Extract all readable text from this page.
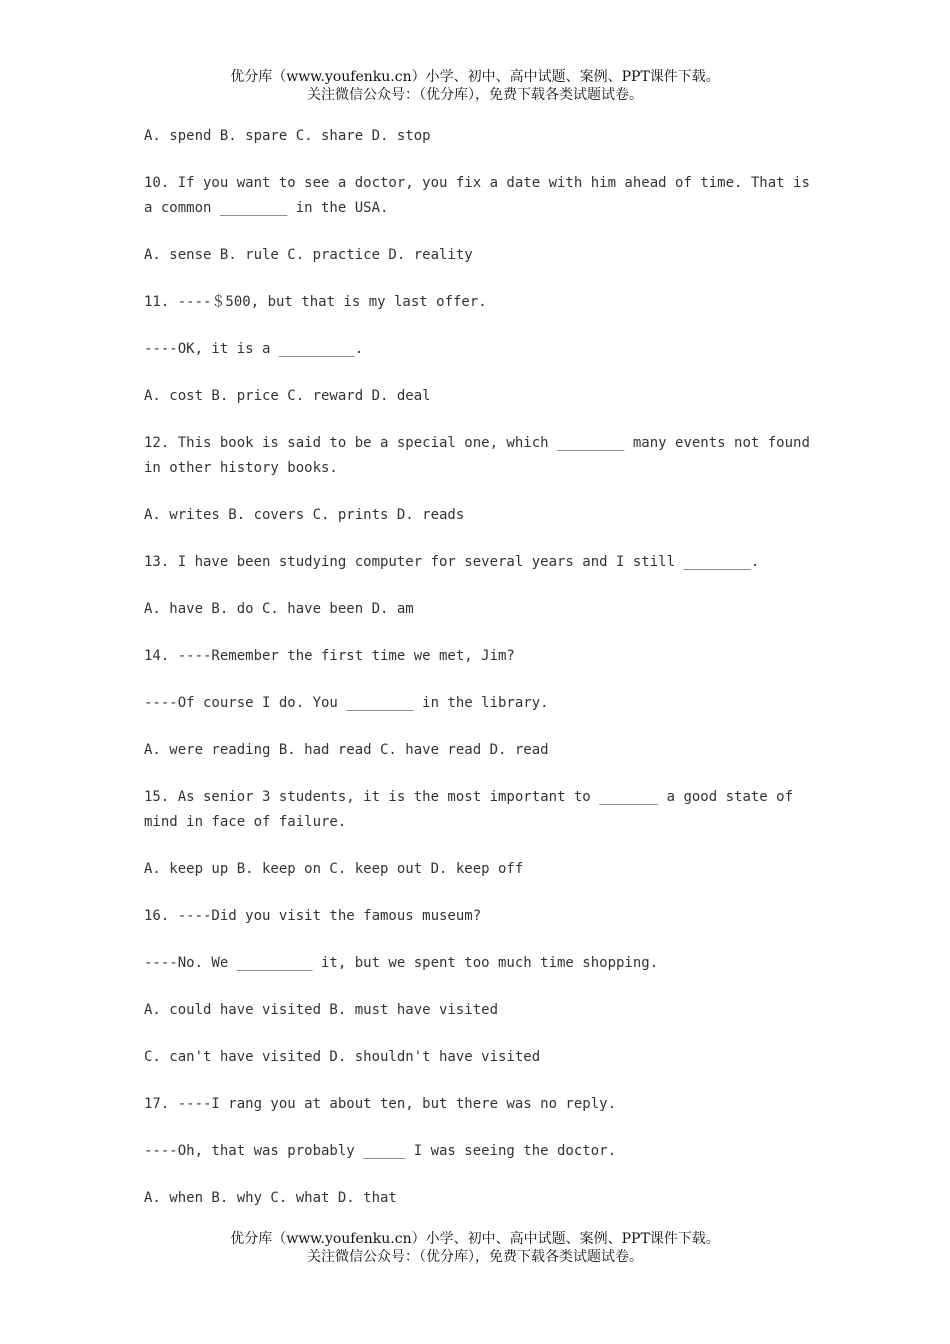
优分库（www.youfenku.cn）小学、初中、高中试题、案例、PPT课件下载。
关注微信公众号：（优分库），免费下载各类试题试卷。

A. spend B. spare C. share D. stop

10. If you want to see a doctor, you fix a date with him ahead of time. That is a common ________ in the USA.

A. sense B. rule C. practice D. reality

11. ----＄500, but that is my last offer.

----OK, it is a _________.

A. cost B. price C. reward D. deal

12. This book is said to be a special one, which ________ many events not found in other history books.

A. writes B. covers C. prints D. reads

13. I have been studying computer for several years and I still ________.

A. have B. do C. have been D. am

14. ----Remember the first time we met, Jim?

----Of course I do. You ________ in the library.

A. were reading B. had read C. have read D. read

15. As senior 3 students, it is the most important to _______ a good state of mind in face of failure.

A. keep up B. keep on C. keep out D. keep off

16. ----Did you visit the famous museum?

----No. We _________ it, but we spent too much time shopping.

A. could have visited B. must have visited

C. can't have visited D. shouldn't have visited

17. ----I rang you at about ten, but there was no reply.

----Oh, that was probably _____ I was seeing the doctor.

A. when B. why C. what D. that

优分库（www.youfenku.cn）小学、初中、高中试题、案例、PPT课件下载。
关注微信公众号：（优分库），免费下载各类试题试卷。
